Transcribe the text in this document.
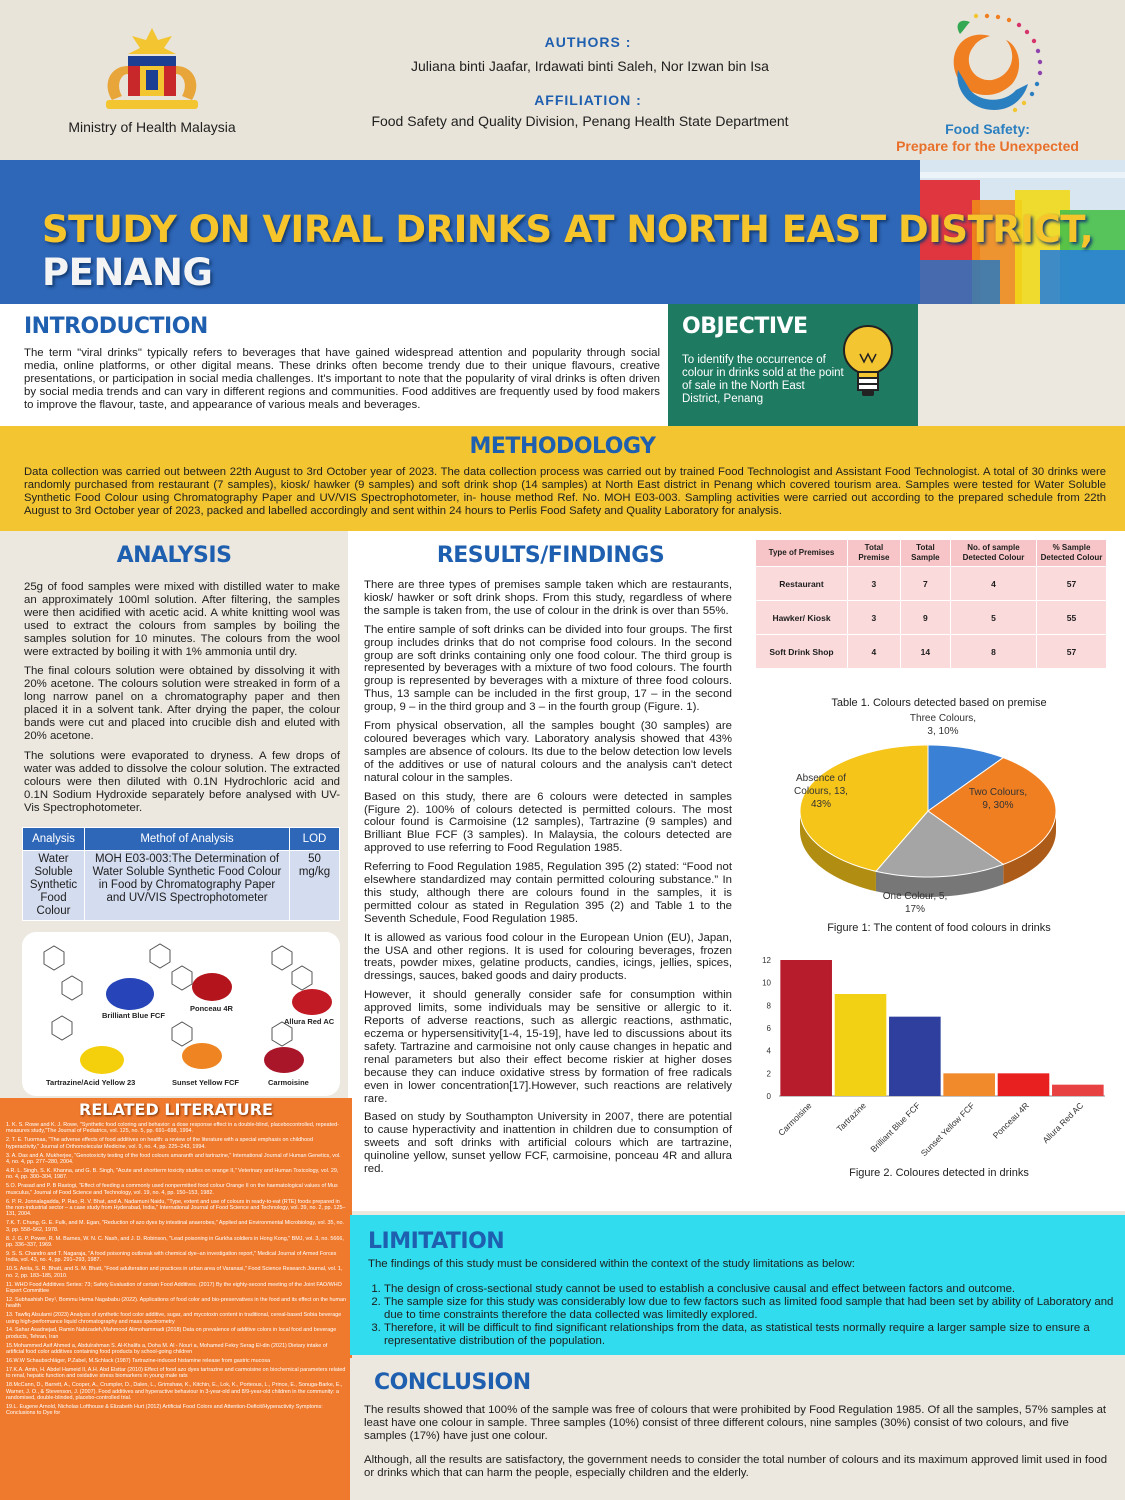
Ministry of Health Malaysia
AUTHORS :
Juliana binti Jaafar, Irdawati binti Saleh, Nor Izwan bin Isa
AFFILIATION :
Food Safety and Quality Division, Penang Health State Department	Food Safety:
Prepare for the Unexpected
STUDY ON VIRAL DRINKS AT NORTH EAST DISTRICT, PENANG
INTRODUCTION
The term "viral drinks" typically refers to beverages that have gained widespread attention and popularity through social media, online platforms, or other digital means. These drinks often become trendy due to their unique flavours, creative presentations, or participation in social media challenges. It's important to note that the popularity of viral drinks is often driven by social media trends and can vary in different regions and communities. Food additives are frequently used by food makers to improve the flavour, taste, and appearance of various meals and beverages.
OBJECTIVE
To identify the occurrence of colour in drinks sold at the point of sale in the North East District, Penang
METHODOLOGY
Data collection was carried out between 22th August to 3rd October year of 2023. The data collection process was carried out by trained Food Technologist and Assistant Food Technologist. A total of 30 drinks were randomly purchased from restaurant (7 samples), kiosk/ hawker (9 samples) and soft drink shop (14 samples) at North East district in Penang which covered tourism area. Samples were tested for Water Soluble Synthetic Food Colour using Chromatography Paper and UV/VIS Spectrophotometer, in- house method Ref. No. MOH E03-003. Sampling activities were carried out according to the prepared schedule from 22th August to 3rd October year of 2023, packed and labelled accordingly and sent within 24 hours to Perlis Food Safety and Quality Laboratory for analysis.
ANALYSIS

25g of food samples were mixed with distilled water to make an approximately 100ml solution. After filtering, the samples were then acidified with acetic acid. A white knitting wool was used to extract the colours from samples by boiling the samples solution for 10 minutes. The colours from the wool were extracted by boiling it with 1% ammonia until dry.

The final colours solution were obtained by dissolving it with 20% acetone. The colours solution were streaked in form of a long narrow panel on a chromatography paper and then placed it in a solvent tank. After drying the paper, the colour bands were cut and placed into crucible dish and eluted with 20% acetone.

The solutions were evaporated to dryness. A few drops of water was added to dissolve the colour solution. The extracted colours were then diluted with 0.1N Hydrochloric acid and 0.1N Sodium Hydroxide separately before analysed with UV-Vis Spectrophotometer.

Analysis	Methof of Analysis	LOD
Water Soluble Synthetic Food Colour	MOH E03-003:The Determination of Water Soluble Synthetic Food Colour in Food by Chromatography Paper and UV/VIS Spectrophotometer	50 mg/kg
Brilliant Blue FCF
Ponceau 4R
Allura Red AC
Tartrazine/Acid Yellow 23	Sunset Yellow FCF	Carmoisine
RESULTS/FINDINGS

There are three types of premises sample taken which are restaurants, kiosk/ hawker or soft drink shops. From this study, regardless of where the sample is taken from, the use of colour in the drink is over than 55%.

The entire sample of soft drinks can be divided into four groups. The first group includes drinks that do not comprise food colours. In the second group are soft drinks containing only one food colour. The third group is represented by beverages with a mixture of two food colours. The fourth group is represented by beverages with a mixture of three food colours. Thus, 13 sample can be included in the first group, 17 – in the second group, 9 – in the third group and 3 – in the fourth group (Figure. 1).

From physical observation, all the samples bought (30 samples) are coloured beverages which vary. Laboratory analysis showed that 43% samples are absence of colours. Its due to the below detection low levels of the additives or use of natural colours and the analysis can't detect natural colour in the samples.

Based on this study, there are 6 colours were detected in samples (Figure 2). 100% of colours detected is permitted colours. The most colour found is Carmoisine (12 samples), Tartrazine (9 samples) and Brilliant Blue FCF (3 samples). In Malaysia, the colours detected are approved to use referring to Food Regulation 1985.

Referring to Food Regulation 1985, Regulation 395 (2) stated: “Food not elsewhere standardized may contain permitted colouring substance.” In this study, although there are colours found in the samples, it is permitted colour as stated in Regulation 395 (2) and Table 1 to the Seventh Schedule, Food Regulation 1985.

It is allowed as various food colour in the European Union (EU), Japan, the USA and other regions. It is used for colouring beverages, frozen treats, powder mixes, gelatine products, candies, icings, jellies, spices, dressings, sauces, baked goods and dairy products.

However, it should generally consider safe for consumption within approved limits, some individuals may be sensitive or allergic to it. Reports of adverse reactions, such as allergic reactions, asthmatic, eczema or hypersensitivity[1-4, 15-19], have led to discussions about its safety. Tartrazine and carmoisine not only cause changes in hepatic and renal parameters but also their effect become riskier at higher doses because they can induce oxidative stress by formation of free radicals even in lower concentration[17].However, such reactions are relatively rare.

Based on study by Southampton University in 2007, there are potential to cause hyperactivity and inattention in children due to consumption of sweets and soft drinks with artificial colours which are tartrazine, quinoline yellow, sunset yellow FCF, carmoisine, ponceau 4R and allura red.

Type of Premises	Total Premise	Total Sample	No. of sample Detected Colour	% Sample Detected Colour
Restaurant	3	7	4	57
Hawker/ Kiosk	3	9	5	55
Soft Drink Shop	4	14	8	57
Table 1. Colours detected based on premise
Three Colours,
3, 10%
Two Colours,
9, 30%
One Colour, 5,
17%
Absence of
Colours, 13,
43%
Figure 1: The content of food colours in drinks
0
2
4
6
8
10
12
Carmoisine Tartrazine Brilliant Blue FCF
Sunset Yellow FCF Ponceau 4R Allura Red AC
Figure 2. Coloures detected in drinks
RELATED LITERATURE
1. K. S. Rowe and K. J. Rowe, "Synthetic food coloring and behavior: a dose response effect in a double-blind, placebocontrolled, repeated-measures study,"The Journal of Pediatrics, vol. 125, no. 5, pp. 691–698, 1994.
2. T. E. Tuormaa, "The adverse effects of food additives on health: a review of the literature with a special emphasis on childhood hyperactivity," Journal of Orthomolecular Medicine, vol. 9, no. 4, pp. 225–243, 1994.
3. A. Das and A. Mukherjee, "Genotoxicity testing of the food colours amaranth and tartrazine," International Journal of Human Genetics, vol. 4, no. 4, pp. 277–280, 2004.
4.R. L. Singh, S. K. Khanna, and G. B. Singh, "Acute and shortterm toxicity studies on orange II," Veterinary and Human Toxicology, vol. 29, no. 4, pp. 300–304, 1987.
5.O. Prasad and P. B Rastogi, "Effect of feeding a commonly used nonpermitted food colour Orange II on the haematological values of Mus musculus," Journal of Food Science and Technology, vol. 19, no. 4, pp. 150–153, 1982.
6. P. R. Jonnalagadda, P. Rao, R. V. Bhat, and A. Nadamuni Naidu, "Type, extent and use of colours in ready-to-eat (RTE) foods prepared in the non-industrial sector – a case study from Hyderabad, India," International Journal of Food Science and Technology, vol. 39, no. 2, pp. 125–131, 2004.
7.K. T. Chung, G. E. Fulk, and M. Egan, "Reduction of azo dyes by intestinal anaerobes," Applied and Environmental Microbiology, vol. 35, no. 3, pp. 558–562, 1978.
8. J. G. P. Power, R. M. Barnes, W. N. C. Nash, and J. D. Robinson, "Lead poisoning in Gurkha soldiers in Hong Kong," BMJ, vol. 3, no. 5666, pp. 336–337, 1969.
9. S. S. Chandro and T. Nagaraja, "A food poisoning outbreak with chemical dye–an investigation report," Medical Journal of Armed Forces India, vol. 43, no. 4, pp. 291–293, 1987.
10.S. Anita, S. R. Bhatt, and S. M. Bhatt, "Food adulteration and practices in urban area of Varanasi," Food Science Research Journal, vol. 1, no. 2, pp. 183–185, 2010.
11. WHO Food Additives Series: 73; Safety Evaluation of certain Food Additives. (2017) By the eighty-second meeting of the Joint FAO/WHO Expert Committee
12. Subhashish Dey¹, Bommu Hema Nagababu (2022). Applications of food color and bio-preservatives in the food and its effect on the human health
13. Tawfiq Alsulami (2023) Analysis of synthetic food color additive, sugar, and mycotoxin content in traditional, cereal-based Sobia beverage using high-performance liquid chromatography and mass spectrometry
14. Sahar Asadnejad, Ramin Nabizadeh,Mahmood Alimohammadi (2018) Data on prevalence of additive colors in local food and beverage products, Tehran, Iran
15.Mohammed Asif Ahmed a, Abdulrahman S. Al-Khalifa a, Doha M. Al - Nouri a, Mohamed Fekry Serag El-din (2021) Dietary intake of artificial food color additives containing food products by school-going children
16.W.W Schaubschläger, P.Zabel, M.Schlack (1987) Tartrazine-induced histamine release from gastric mucosa
17.K.A. Amin, H. Abdel Hameid II, A.H. Abd Elsttar (2010) Effect of food azo dyes tartrazine and carmoisine on biochemical parameters related to renal, hepatic function and oxidative stress biomarkers in young male rats
18.McCann, D., Barrett, A., Cooper, A., Crumpler, D., Dalen, L., Grimshaw, K., Kitchin, E., Lok, K., Porteous, L., Prince, E., Sonuga-Barke, E., Warner, J. O., & Stevenson, J. (2007). Food additives and hyperactive behaviour in 3-year-old and 8/9-year-old children in the community: a randomised, double-blinded, placebo-controlled trial.
19.L. Eugene Arnold, Nicholas Lofthouse & Elizabeth Hurt (2012) Artificial Food Colors and Attention-Deficit/Hyperactivity Symptoms: Conclusions to Dye for
LIMITATION
The findings of this study must be considered within the context of the study limitations as below:
1. The design of cross-sectional study cannot be used to establish a conclusive causal and effect between factors and outcome.
2. The sample size for this study was considerably low due to few factors such as limited food sample that had been set by ability of Laboratory and due to time constraints therefore the data collected was limitedly explored.
3. Therefore, it will be difficult to find significant relationships from the data, as statistical tests normally require a larger sample size to ensure a representative distribution of the population.
CONCLUSION
The results showed that 100% of the sample was free of colours that were prohibited by Food Regulation 1985. Of all the samples, 57% samples at least have one colour in sample. Three samples (10%) consist of three different colours, nine samples (30%) consist of two colours, and five samples (17%) have just one colour.
Although, all the results are satisfactory, the government needs to consider the total number of colours and its maximum approved limit used in food or drinks which that can harm the people, especially children and the elderly.
